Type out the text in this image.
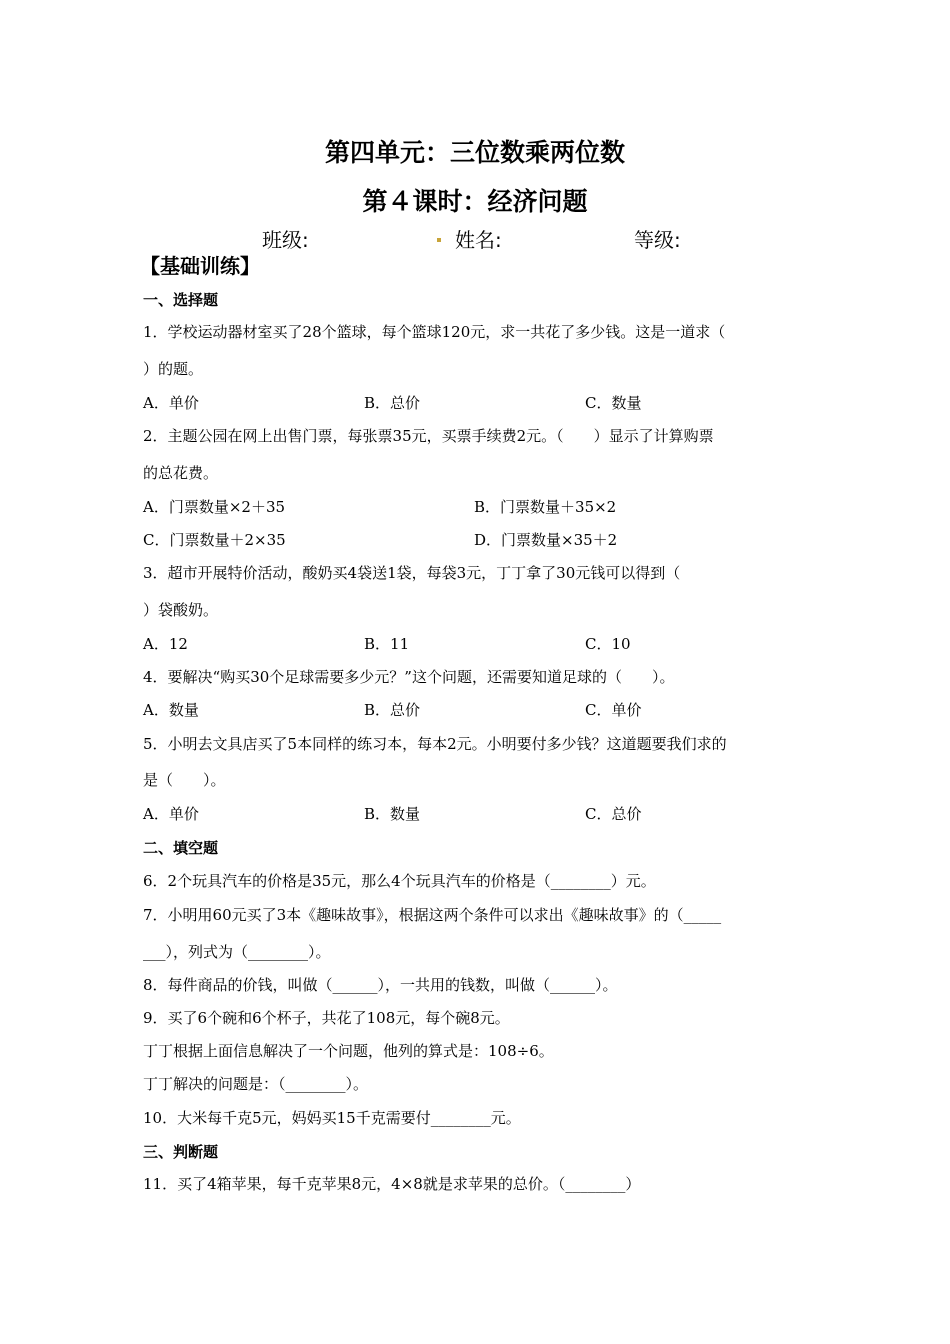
第四单元：三位数乘两位数
第４课时：经济问题
班级:	姓名:	等级:
【基础训练】
一、选择题
1．学校运动器材室买了28个篮球，每个篮球120元，求一共花了多少钱。这是一道求（
）的题。
A．单价	B．总价	C．数量
2．主题公园在网上出售门票，每张票35元，买票手续费2元。（　　）显示了计算购票
的总花费。
A．门票数量×2＋35	B．门票数量＋35×2
C．门票数量＋2×35	D．门票数量×35＋2
3．超市开展特价活动，酸奶买4袋送1袋，每袋3元，丁丁拿了30元钱可以得到（
）袋酸奶。
A．12	B．11	C．10
4．要解决“购买30个足球需要多少元？”这个问题，还需要知道足球的（　　）。
A．数量	B．总价	C．单价
5．小明去文具店买了5本同样的练习本，每本2元。小明要付多少钱？这道题要我们求的
是（　　）。
A．单价	B．数量	C．总价
二、填空题
6．2个玩具汽车的价格是35元，那么4个玩具汽车的价格是（________）元。
7．小明用60元买了3本《趣味故事》，根据这两个条件可以求出《趣味故事》的（_____
___），列式为（________）。
8．每件商品的价钱，叫做（______），一共用的钱数，叫做（______）。
9．买了6个碗和6个杯子，共花了108元，每个碗8元。
丁丁根据上面信息解决了一个问题，他列的算式是：108÷6。
丁丁解决的问题是：（________）。
10．大米每千克5元，妈妈买15千克需要付________元。
三、判断题
11．买了4箱苹果，每千克苹果8元，4×8就是求苹果的总价。（________）
